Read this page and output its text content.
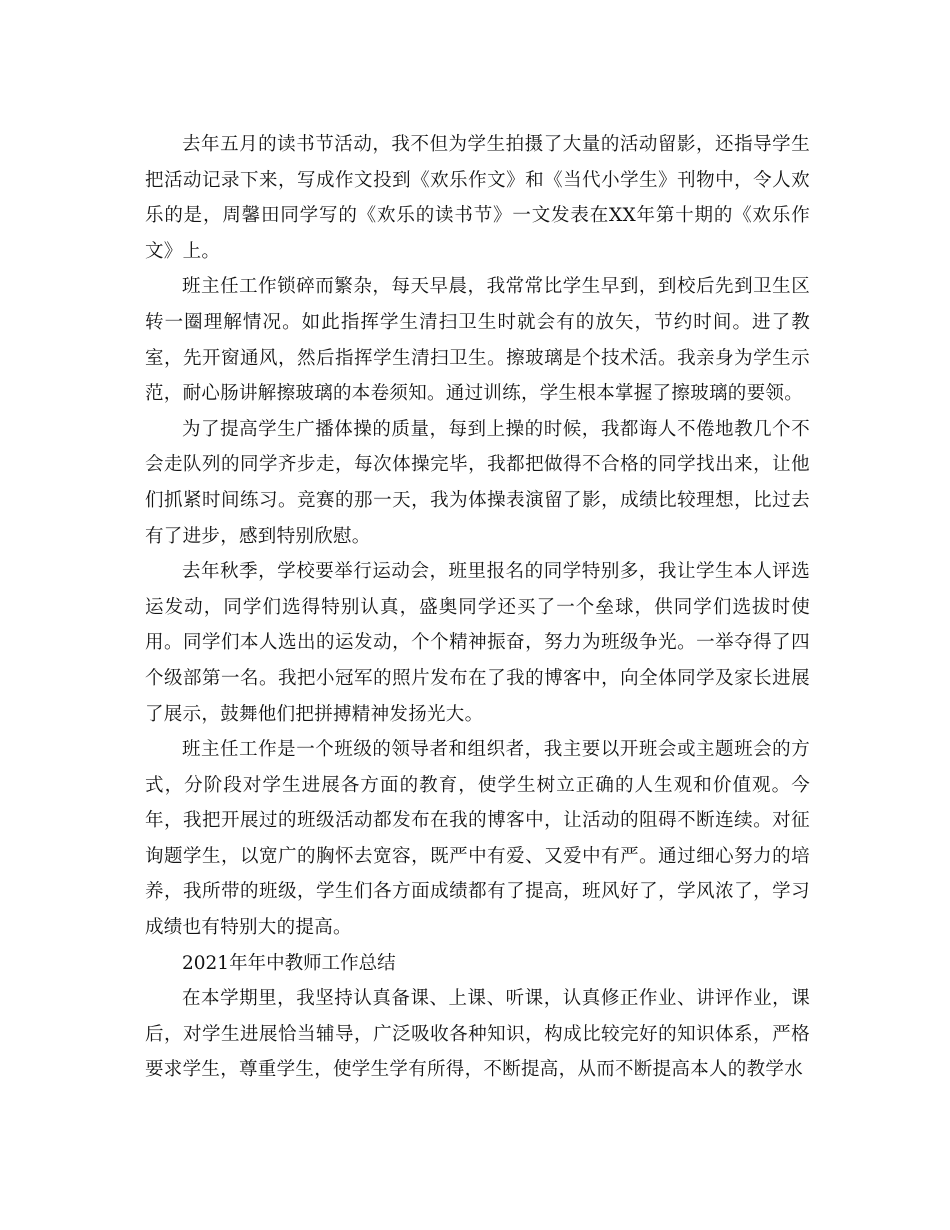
去年五月的读书节活动，我不但为学生拍摄了大量的活动留影，还指导学生把活动记录下来，写成作文投到《欢乐作文》和《当代小学生》刊物中，令人欢乐的是，周馨田同学写的《欢乐的读书节》一文发表在XX年第十期的《欢乐作文》上。

班主任工作锁碎而繁杂，每天早晨，我常常比学生早到，到校后先到卫生区转一圈理解情况。如此指挥学生清扫卫生时就会有的放矢，节约时间。进了教室，先开窗通风，然后指挥学生清扫卫生。擦玻璃是个技术活。我亲身为学生示范，耐心肠讲解擦玻璃的本卷须知。通过训练，学生根本掌握了擦玻璃的要领。

为了提高学生广播体操的质量，每到上操的时候，我都诲人不倦地教几个不会走队列的同学齐步走，每次体操完毕，我都把做得不合格的同学找出来，让他们抓紧时间练习。竞赛的那一天，我为体操表演留了影，成绩比较理想，比过去有了进步，感到特别欣慰。

去年秋季，学校要举行运动会，班里报名的同学特别多，我让学生本人评选运发动，同学们选得特别认真，盛奥同学还买了一个垒球，供同学们选拔时使用。同学们本人选出的运发动，个个精神振奋，努力为班级争光。一举夺得了四个级部第一名。我把小冠军的照片发布在了我的博客中，向全体同学及家长进展了展示，鼓舞他们把拼搏精神发扬光大。

班主任工作是一个班级的领导者和组织者，我主要以开班会或主题班会的方式，分阶段对学生进展各方面的教育，使学生树立正确的人生观和价值观。今年，我把开展过的班级活动都发布在我的博客中，让活动的阻碍不断连续。对征询题学生，以宽广的胸怀去宽容，既严中有爱、又爱中有严。通过细心努力的培养，我所带的班级，学生们各方面成绩都有了提高，班风好了，学风浓了，学习成绩也有特别大的提高。

2021年年中教师工作总结

在本学期里，我坚持认真备课、上课、听课，认真修正作业、讲评作业，课后，对学生进展恰当辅导，广泛吸收各种知识，构成比较完好的知识体系，严格要求学生，尊重学生，使学生学有所得，不断提高，从而不断提高本人的教学水
